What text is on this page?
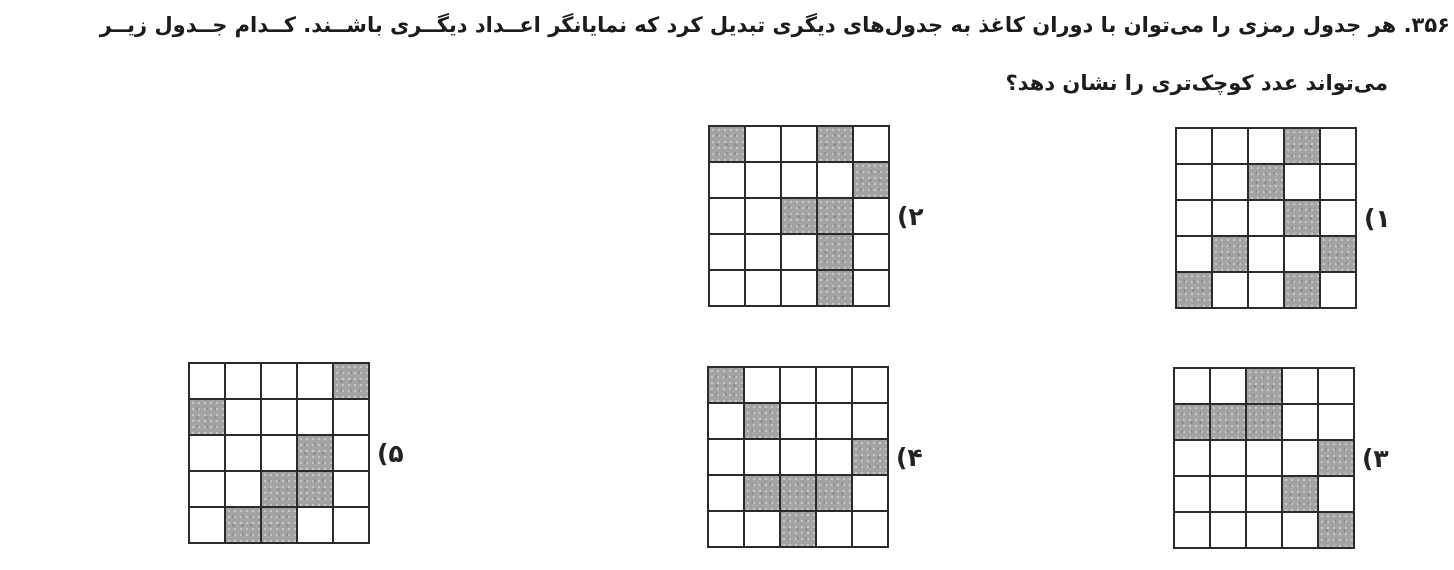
۳۵۶. هر جدول رمزی را می‌توان با دوران کاغذ به جدول‌های دیگری تبدیل کرد که نمایانگر اعــداد دیگــری باشــند. کــدام جــدول زیــر
می‌تواند عدد کوچک‌تری را نشان دهد؟
(۱
(۲
(۳
(۴
(۵
